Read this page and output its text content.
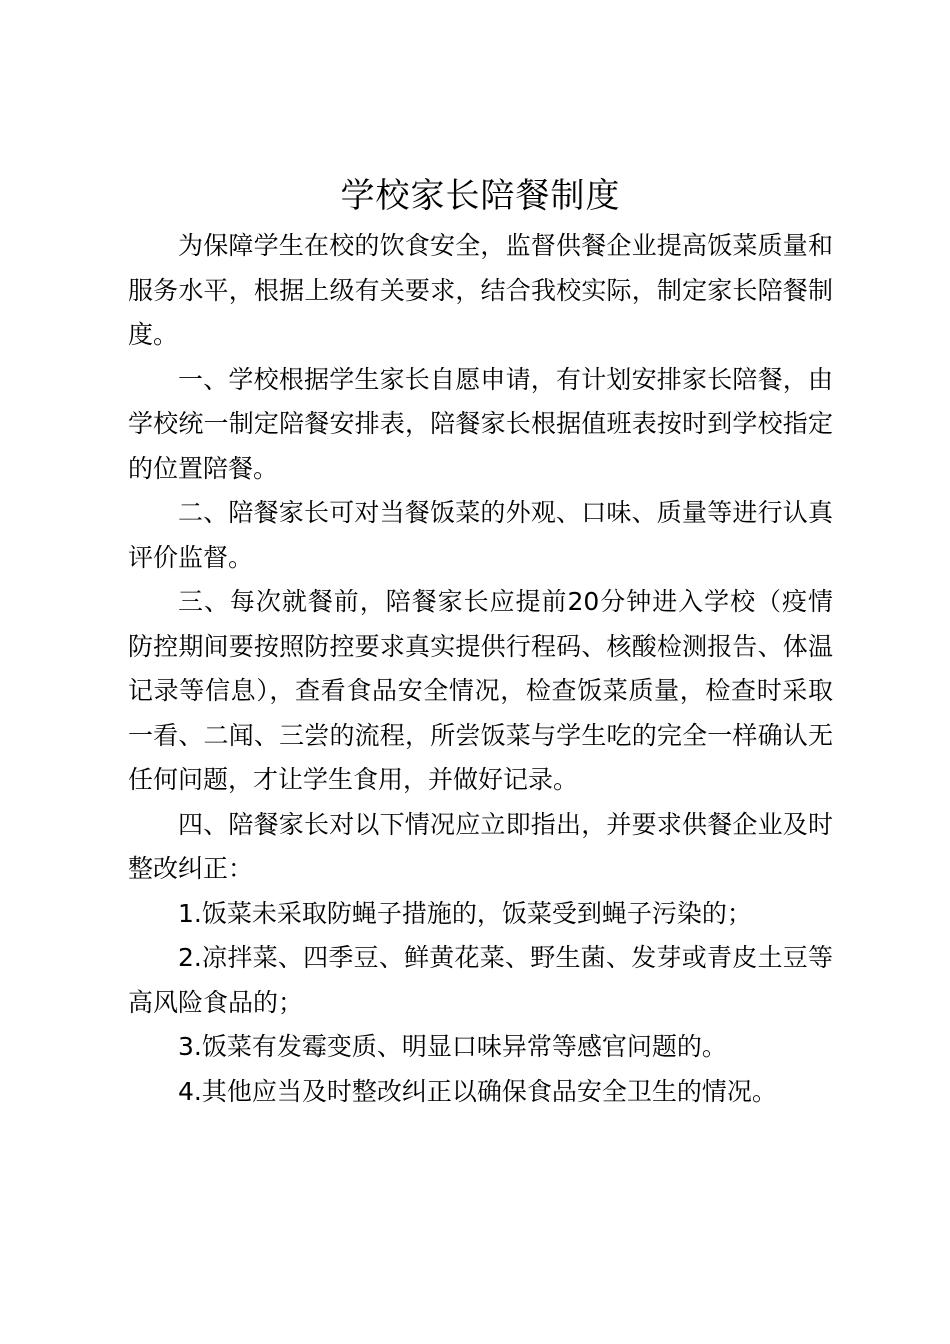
学校家长陪餐制度

为保障学生在校的饮食安全，监督供餐企业提高饭菜质量和服务水平，根据上级有关要求，结合我校实际，制定家长陪餐制度。

一、学校根据学生家长自愿申请，有计划安排家长陪餐，由学校统一制定陪餐安排表，陪餐家长根据值班表按时到学校指定的位置陪餐。

二、陪餐家长可对当餐饭菜的外观、口味、质量等进行认真评价监督。

三、每次就餐前，陪餐家长应提前20分钟进入学校（疫情防控期间要按照防控要求真实提供行程码、核酸检测报告、体温记录等信息），查看食品安全情况，检查饭菜质量，检查时采取一看、二闻、三尝的流程，所尝饭菜与学生吃的完全一样确认无任何问题，才让学生食用，并做好记录。

四、陪餐家长对以下情况应立即指出，并要求供餐企业及时整改纠正：

1.饭菜未采取防蝇子措施的，饭菜受到蝇子污染的；

2.凉拌菜、四季豆、鲜黄花菜、野生菌、发芽或青皮土豆等高风险食品的；

3.饭菜有发霉变质、明显口味异常等感官问题的。

4.其他应当及时整改纠正以确保食品安全卫生的情况。
